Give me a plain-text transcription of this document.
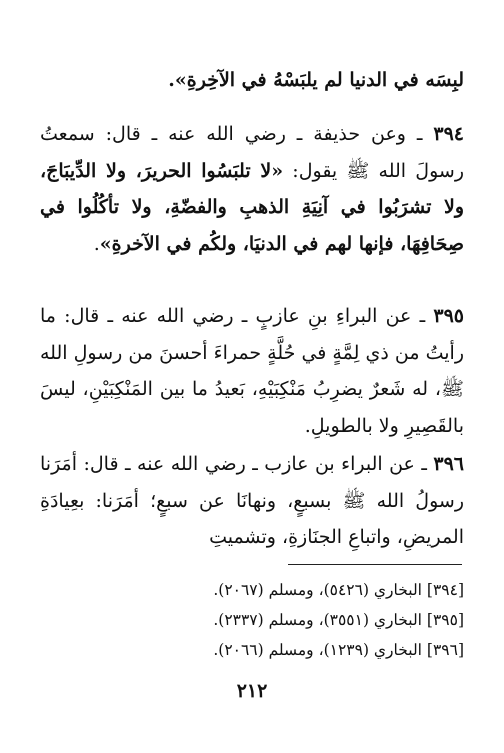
لبِسَه في الدنيا لم يلبَسْهُ في الآخِرةِ».

٣٩٤ ـ وعن حذيفة ـ رضي الله عنه ـ قال: سمعتُ رسولَ الله ﷺ يقول: «لا تلبَسُوا الحريرَ، ولا الدِّيبَاجَ، ولا تشرَبُوا في آنِيَةِ الذهبِ والفضّةِ، ولا تأكُلُوا في صِحَافِهَا، فإنها لهم في الدنيَا، ولكُم في الآخرةِ».

٣٩٥ ـ عن البراءِ بنِ عازبٍ ـ رضي الله عنه ـ قال: ما رأيتُ من ذي لِمَّةٍ في حُلَّةٍ حمراءَ أحسنَ من رسولِ الله ﷺ، له شَعرٌ يضرِبُ مَنْكِبَيْهِ، بَعيدُ ما بين المَنْكِبَيْنِ، ليسَ بالقَصِيرِ ولا بالطويلِ.

٣٩٦ ـ عن البراء بن عازب ـ رضي الله عنه ـ قال: أمَرَنا رسولُ الله ﷺ بسبعٍ، ونهانَا عن سبعٍ؛ أمَرَنا: بعِيادَةِ المريضِ، واتباعِ الجنَازةِ، وتشميتِ

[٣٩٤] البخاري (٥٤٢٦)، ومسلم (٢٠٦٧).
[٣٩٥] البخاري (٣٥٥١)، ومسلم (٢٣٣٧).
[٣٩٦] البخاري (١٢٣٩)، ومسلم (٢٠٦٦).
٢١٢
